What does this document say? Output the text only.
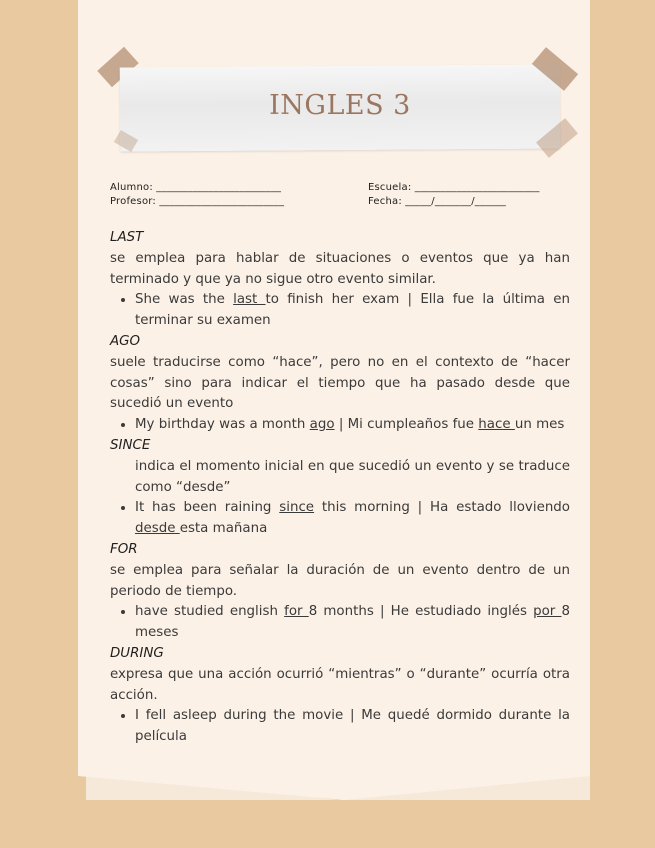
INGLES 3
Alumno: ________________________
Profesor: ________________________
Escuela: ________________________
Fecha: _____/_______/______
LAST
se emplea para hablar de situaciones o eventos que ya han terminado y que ya no sigue otro evento similar.
• She was the last to finish her exam | Ella fue la última en terminar su examen
AGO
suele traducirse como “hace”, pero no en el contexto de “hacer cosas” sino para indicar el tiempo que ha pasado desde que sucedió un evento
• My birthday was a month ago | Mi cumpleaños fue hace un mes
SINCE
indica el momento inicial en que sucedió un evento y se traduce como “desde”
• It has been raining since this morning | Ha estado lloviendo desde esta mañana
FOR
se emplea para señalar la duración de un evento dentro de un periodo de tiempo.
• have studied english for 8 months | He estudiado inglés por 8 meses
DURING
expresa que una acción ocurrió “mientras” o “durante” ocurría otra acción.
• I fell asleep during the movie | Me quedé dormido durante la película
